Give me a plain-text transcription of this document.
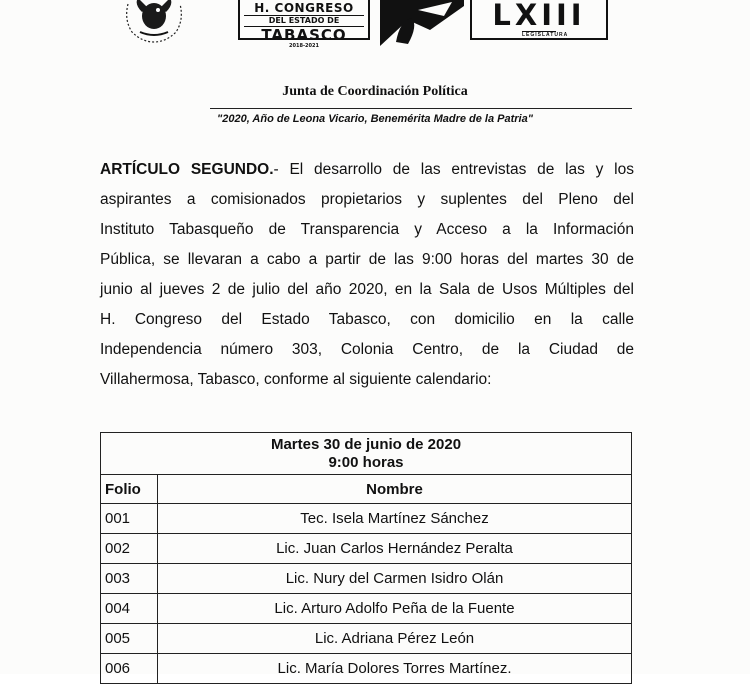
H. CONGRESO
DEL ESTADO DE
TABASCO
2018-2021
LXIII
LEGISLATURA
Junta de Coordinación Política
"2020, Año de Leona Vicario, Benemérita Madre de la Patria"
ARTÍCULO SEGUNDO.- El desarrollo de las entrevistas de las y los
aspirantes a comisionados propietarios y suplentes del Pleno del
Instituto Tabasqueño de Transparencia y Acceso a la Información
Pública, se llevaran a cabo a partir de las 9:00 horas del martes 30 de
junio al jueves 2 de julio del año 2020, en la Sala de Usos Múltiples del
H. Congreso del Estado Tabasco, con domicilio en la calle
Independencia número 303, Colonia Centro, de la Ciudad de
Villahermosa, Tabasco, conforme al siguiente calendario:
Martes 30 de junio de 2020
9:00 horas	

Folio	Nombre
001	Tec. Isela Martínez Sánchez
002	Lic. Juan Carlos Hernández Peralta
003	Lic. Nury del Carmen Isidro Olán
004	Lic. Arturo Adolfo Peña de la Fuente
005	Lic. Adriana Pérez León
006	Lic. María Dolores Torres Martínez.
